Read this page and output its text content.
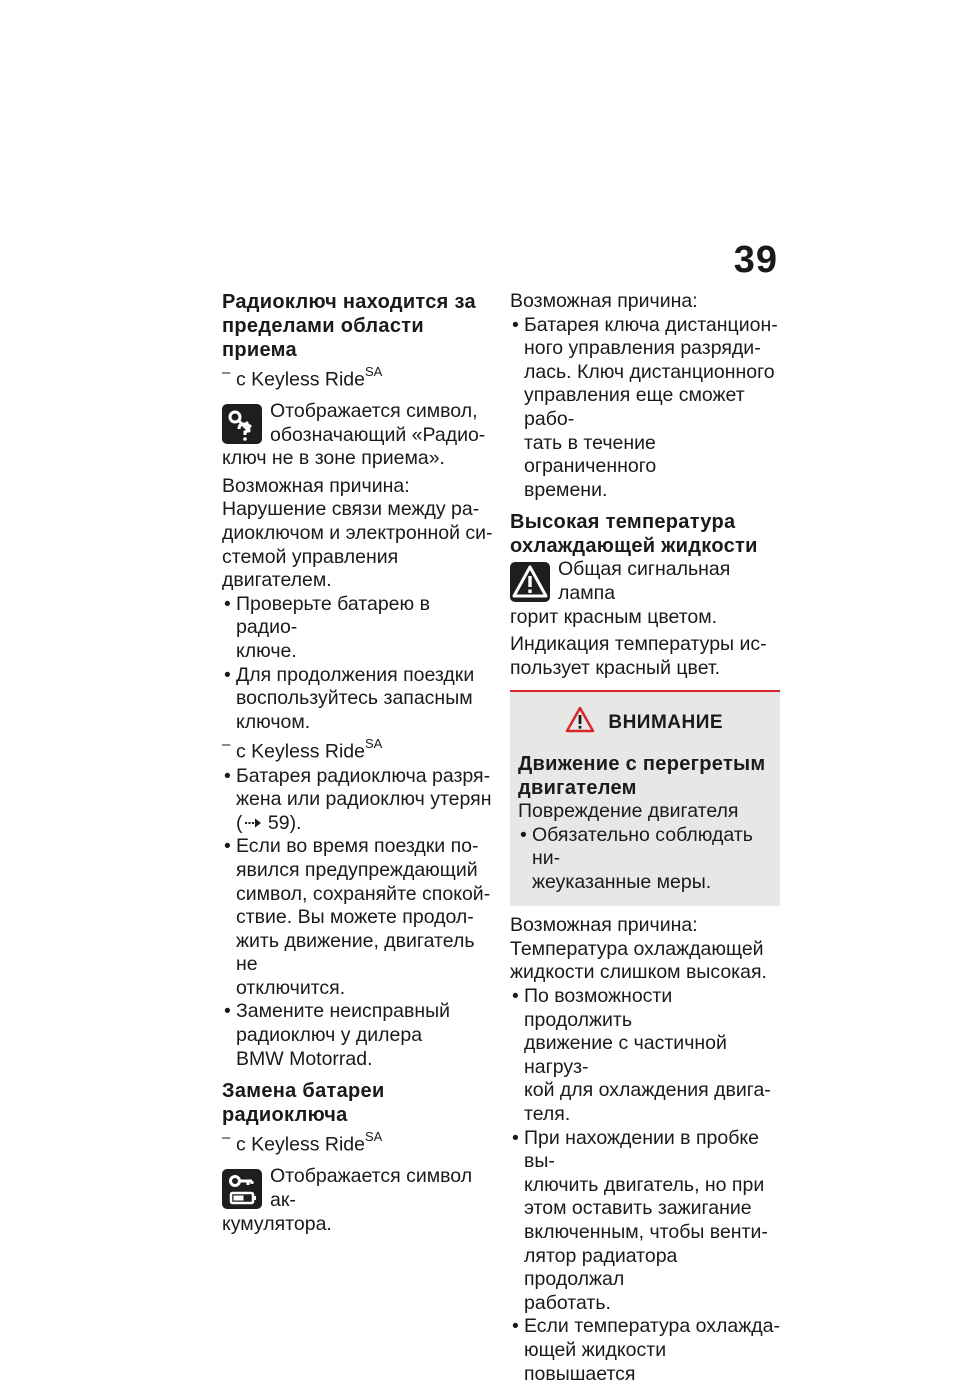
39
Радиоключ находится за
пределами области приема
– с Keyless Ride$^{SA}$
Отображается символ,
обозначающий «Радио-
ключ не в зоне приема».
Возможная причина:
Нарушение связи между ра-
диоключом и электронной си-
стемой управления двигателем.
• Проверьте батарею в радио-
ключе.
• Для продолжения поездки
воспользуйтесь запасным
ключом.
– с Keyless Ride$^{SA}$
• Батарея радиоключа разря-
жена или радиоключ утерян
( 59).
• Если во время поездки по-
явился предупреждающий
символ, сохраняйте спокой-
ствие. Вы можете продол-
жить движение, двигатель не
отключится.
• Замените неисправный
радиоключ у дилера
BMW Motorrad.
Замена батареи
радиоключа
– с Keyless Ride$^{SA}$
Отображается символ ак-
кумулятора.
Возможная причина:
• Батарея ключа дистанцион-
ного управления разряди-
лась. Ключ дистанционного
управления еще сможет рабо-
тать в течение ограниченного
времени.
Высокая температура
охлаждающей жидкости
Общая сигнальная лампа
горит красным цветом.
Индикация температуры ис-
пользует красный цвет.
ВНИМАНИЕ
Движение с перегретым
двигателем
Повреждение двигателя
• Обязательно соблюдать ни-
жеуказанные меры.
Возможная причина:
Температура охлаждающей
жидкости слишком высокая.
• По возможности продолжить
движение с частичной нагруз-
кой для охлаждения двига-
теля.
• При нахождении в пробке вы-
ключить двигатель, но при
этом оставить зажигание
включенным, чтобы венти-
лятор радиатора продолжал
работать.
• Если температура охлажда-
ющей жидкости повышается
